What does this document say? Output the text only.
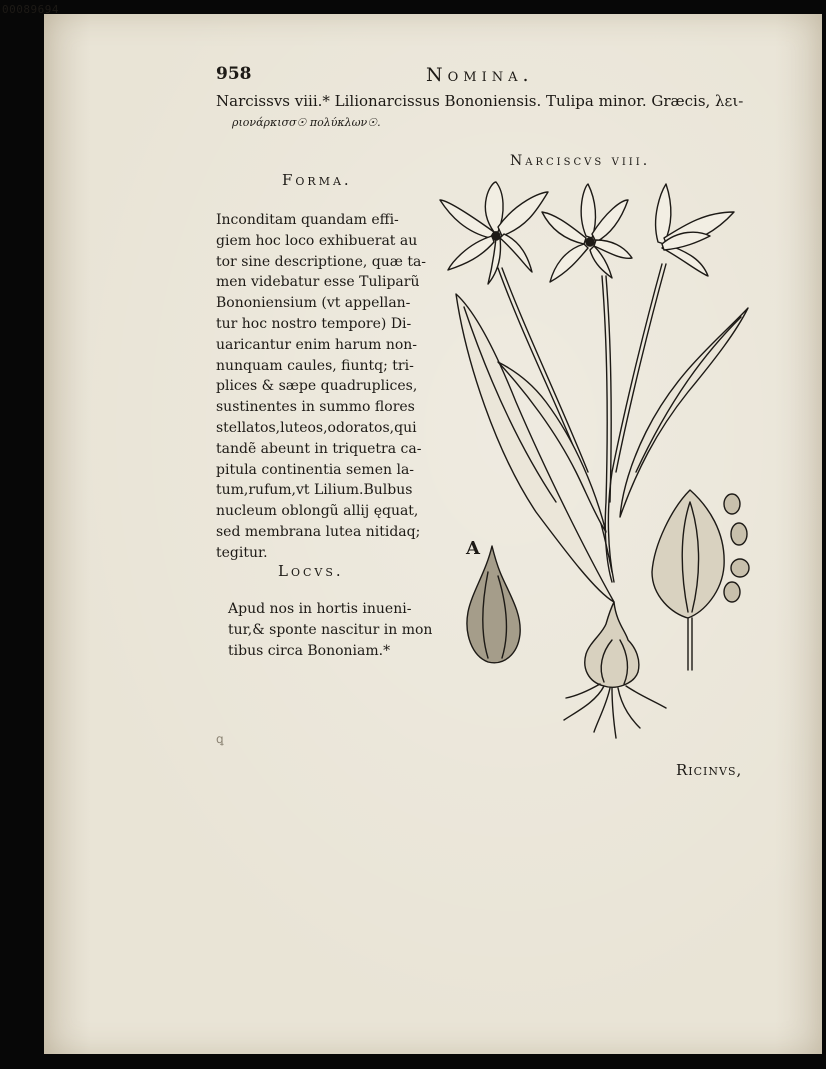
00089694
958	Nomina.
Narcissvs viii.* Lilionarcissus Bononiensis. Tulipa minor. Græcis, λει-
ριονάρκισσ☉ πολύκλων☉.
Forma.
Inconditam quandam effi-
giem hoc loco exhibuerat au
tor sine descriptione, quæ ta-
men videbatur esse Tuliparũ
Bononiensium (vt appellan-
tur hoc nostro tempore) Di-
uaricantur enim harum non-
nunquam caules, fiuntq; tri-
plices & sæpe quadruplices,
sustinentes in summo flores
stellatos,luteos,odoratos,qui
tandẽ abeunt in triquetra ca-
pitula continentia semen la-
tum,rufum,vt Lilium.Bulbus
nucleum oblongũ allij ęquat,
sed membrana lutea nitidaq;
tegitur.
Locvs.
Apud nos in hortis inueni-
tur,& sponte nascitur in mon
tibus circa Bononiam.*
Narciscvs viii.
A
Ricinvs,
ꝗ
